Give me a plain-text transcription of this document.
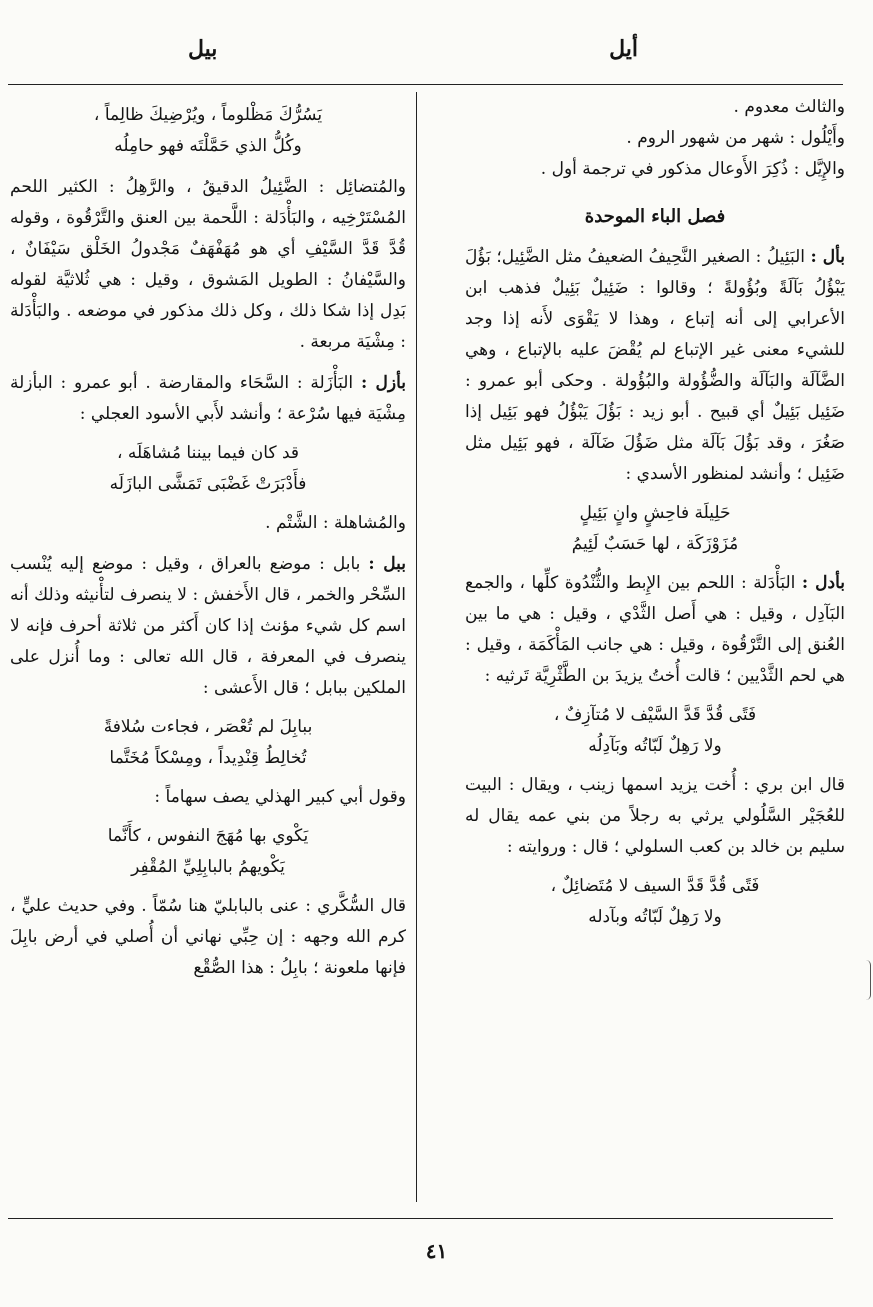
أيل
بيل

والثالث معدوم .

وأَيْلُول : شهر من شهور الروم .

والإِيَّل : ذُكِرَ الأَوعال مذكور في ترجمة أول .

فصل الباء الموحدة

بأل : البَئِيلُ : الصغير النَّحِيفُ الضعيفُ مثل الضَّئِيل؛ بَؤُلَ يَبْؤُلُ بَآلَةً وبُؤُولةً ؛ وقالوا : ضَئِيلٌ بَئِيلٌ فذهب ابن الأعرابي إلى أنه إتباع ، وهذا لا يَقْوَى لأَنه إذا وجد للشيء معنى غير الإتباع لم يُقْضَ عليه بالإتباع ، وهي الضَّآلَة والبَآلَة والضُّؤُولة والبُؤُولة . وحكى أبو عمرو : ضَئِيل بَئِيلٌ أي قبيح . أبو زيد : بَؤُلَ يَبْؤُلُ فهو بَئِيل إذا صَغُرَ ، وقد بَؤُلَ بَآلَة مثل ضَؤُلَ ضَآلَة ، فهو بَئِيل مثل ضَئِيل ؛ وأنشد لمنظور الأسدي :

حَلِيلَة فاحِشٍ وانٍ بَئِيلٍ
مُزَوْزَكَة ، لها حَسَبٌ لَئِيمُ

بأدل : البَأْدَلة : اللحم بين الإِبط والثُّنْدُوة كلِّها ، والجمع البَآدِل ، وقيل : هي أَصل الثَّدْي ، وقيل : هي ما بين العُنق إلى التَّرْقُوة ، وقيل : هي جانب المَأْكَمَة ، وقيل : هي لحم الثَّدْيين ؛ قالت أُختُ يزيدَ بن الطَّثْرِيَّة تَرثيه :

فَتًى قُدَّ قَدَّ السَّيْف لا مُتآزِفٌ ،
ولا رَهِلٌ لَبّاتُه وبَآدِلُه

قال ابن بري : أُخت يزيد اسمها زينب ، ويقال : البيت للعُجَيْر السَّلُولي يرثي به رجلاً من بني عمه يقال له سليم بن خالد بن كعب السلولي ؛ قال : وروايته :

فَتًى قُدَّ قَدَّ السيف لا مُتَضائِلٌ ،
ولا رَهِلٌ لَبّاتُه وبآدله
يَسُرُّكَ مَظْلوماً ، ويُرْضِيكَ ظالِماً ،
وكُلُّ الذي حَمَّلْتَه فهو حامِلُه

والمُتضائِل : الضَّئِيلُ الدقيقُ ، والرَّهِلُ : الكثير اللحم المُسْتَرْخِيه ، والبَأْدَلة : اللَّحمة بين العنق والتَّرْقُوة ، وقوله قُدَّ قَدَّ السَّيْفِ أي هو مُهَفْهَفٌ مَجْدولُ الخَلْق سَيْفَانٌ ، والسَّيْفانُ : الطويل المَشوق ، وقيل : هي ثُلاثيَّة لقوله بَدِل إذا شكا ذلك ، وكل ذلك مذكور في موضعه . والبَأْدَلة : مِشْيَة مربعة .

بأزل : البَأْزَلة : السَّحَاء والمقارضة . أبو عمرو : البأزلة مِشْيَة فيها سُرْعة ؛ وأنشد لأَبي الأسود العجلي :

قد كان فيما بيننا مُشاهَلَه ،
فأَدْبَرَتْ غَضْبَى تَمَشَّى البازَلَه

والمُشاهلة : الشَّتْم .

ببل : بابل : موضع بالعراق ، وقيل : موضع إليه يُنْسب السِّحْر والخمر ، قال الأَخفش : لا ينصرف لتأْنيثه وذلك أنه اسم كل شيء مؤنث إذا كان أَكثر من ثلاثة أحرف فإنه لا ينصرف في المعرفة ، قال الله تعالى : وما أُنزل على الملكين ببابل ؛ قال الأَعشى :

ببابِلَ لم تُعْصَر ، فجاءت سُلافةً
تُخالِطُ قِنْدِيداً ، ومِسْكاً مُخَتَّما

وقول أبي كبير الهذلي يصف سهاماً :

يَكْوي بها مُهَجَ النفوس ، كأَنَّما
يَكْويهمُ بالبابِلِيِّ المُقْفِر

قال السُّكَّري : عنى بالبابليّ هنا سُمّاً . وفي حديث عليٍّ ، كرم الله وجهه : إن حِبِّي نهاني أن أُصلي في أرض بابِلَ فإنها ملعونة ؛ بابِلُ : هذا الصُّقْع

٤١
